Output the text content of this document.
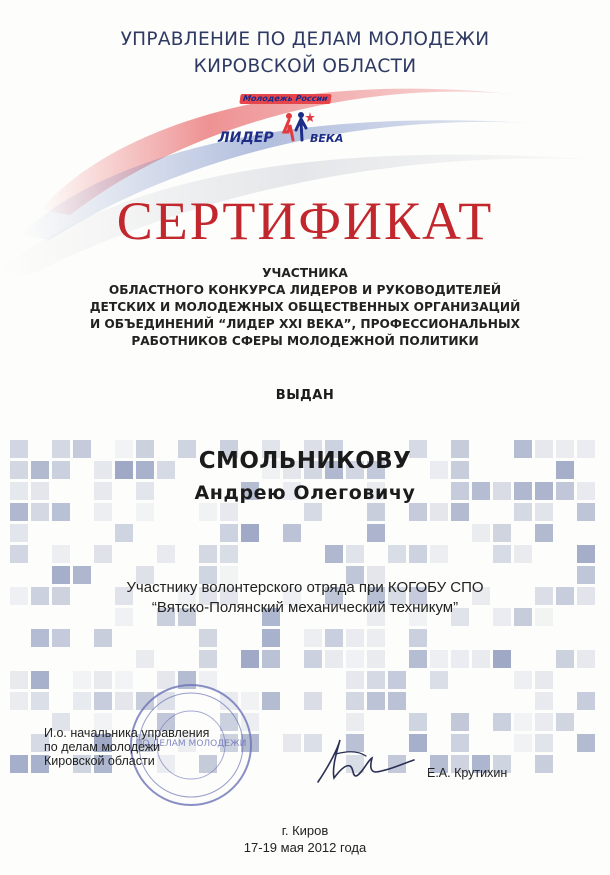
УПРАВЛЕНИЕ ПО ДЕЛАМ МОЛОДЕЖИ
КИРОВСКОЙ ОБЛАСТИ
Молодежь России
ЛИДЕР	ВЕКА
СЕРТИФИКАТ
УЧАСТНИКА
ОБЛАСТНОГО КОНКУРСА ЛИДЕРОВ И РУКОВОДИТЕЛЕЙ
ДЕТСКИХ И МОЛОДЕЖНЫХ ОБЩЕСТВЕННЫХ ОРГАНИЗАЦИЙ
И ОБЪЕДИНЕНИЙ “ЛИДЕР XXI ВЕКА”, ПРОФЕССИОНАЛЬНЫХ
РАБОТНИКОВ СФЕРЫ МОЛОДЕЖНОЙ ПОЛИТИКИ
ВЫДАН
СМОЛЬНИКОВУ
Андрею Олеговичу
Участнику волонтерского отряда при КОГОБУ СПО
“Вятско-Полянский механический техникум”
ПО ДЕЛАМ МОЛОДЕЖИ
И.о. начальника управления
по делам молодежи
Кировской области
Е.А. Крутихин
г. Киров
17-19 мая 2012 года
